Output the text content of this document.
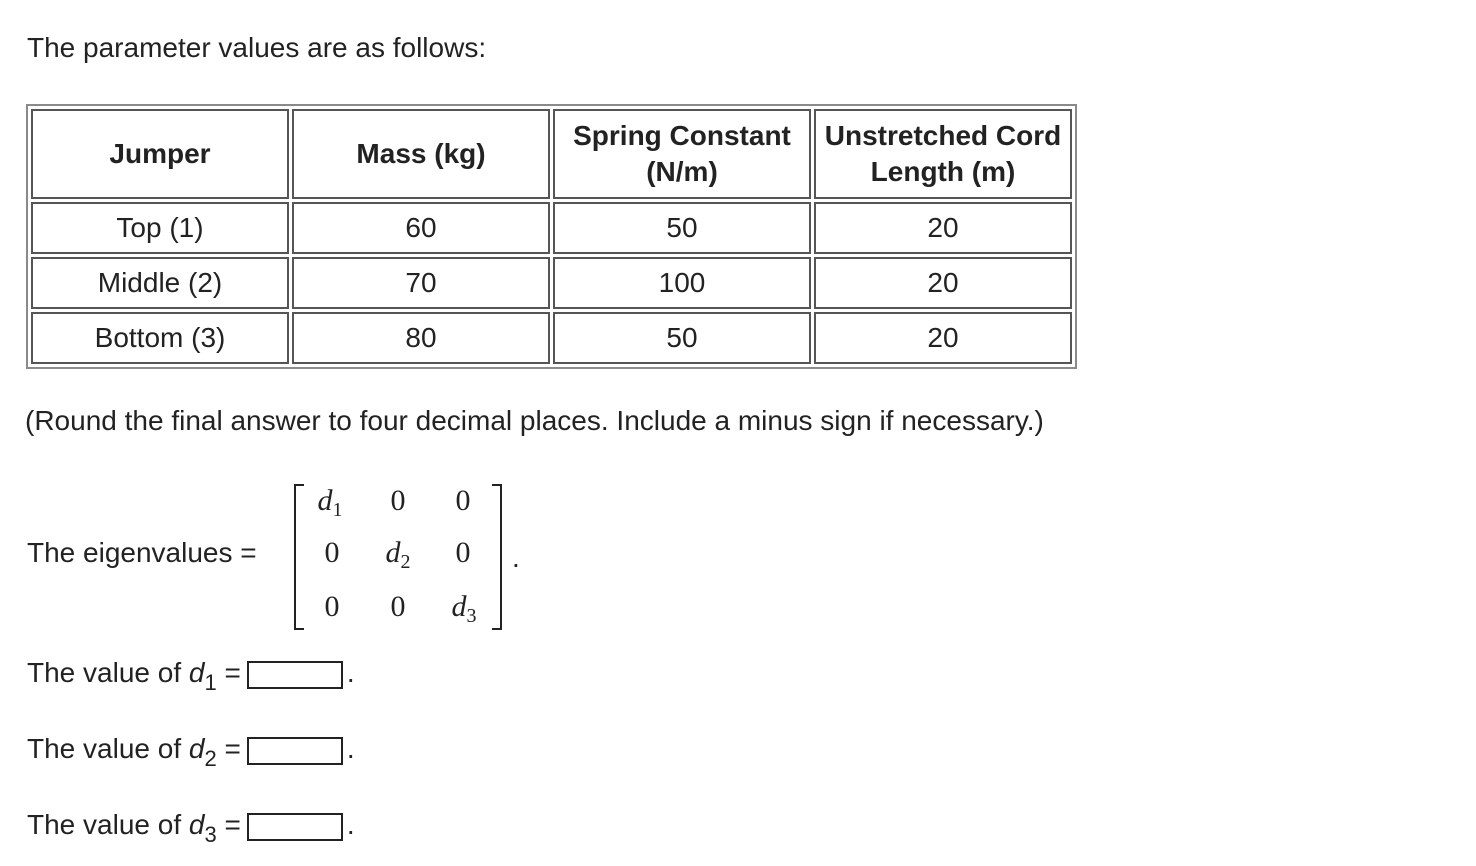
The parameter values are as follows:
Jumper	Mass (kg)	Spring Constant (N/m)	Unstretched Cord Length (m)
Top (1)	60	50	20
Middle (2)	70	100	20
Bottom (3)	80	50	20
(Round the final answer to four decimal places. Include a minus sign if necessary.)
The eigenvalues =
$d_1$	0	0
0	$d_2$	0
0	0	$d_3$
.
The value of $d_1$ =	.
The value of $d_2$ =	.
The value of $d_3$ =	.
